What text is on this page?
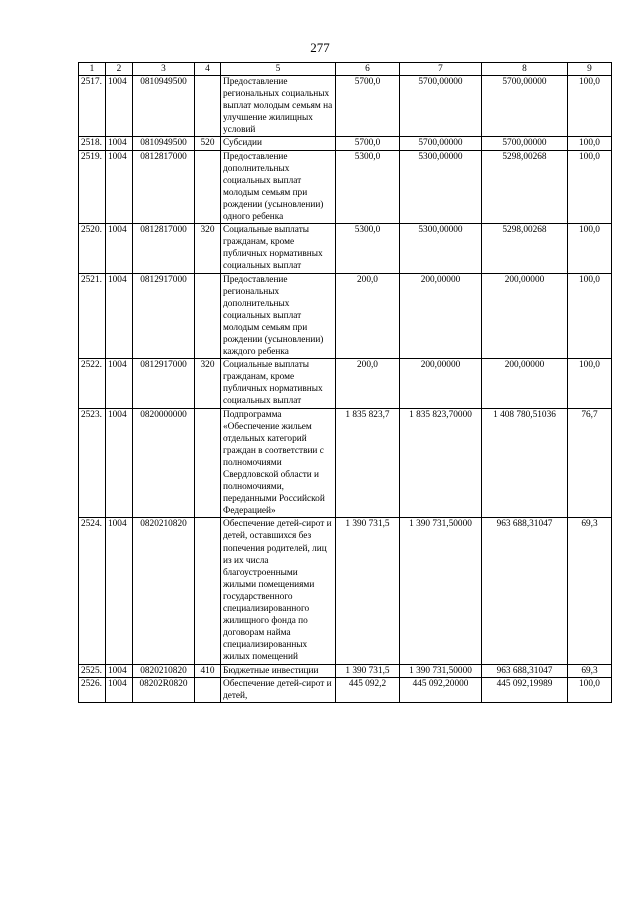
277
1	2	3	4	5	6	7	8	9
2517.	1004	0810949500		Предоставление региональных социальных выплат молодым семьям на улучшение жилищных условий	5700,0	5700,00000	5700,00000	100,0
2518.	1004	0810949500	520	Субсидии	5700,0	5700,00000	5700,00000	100,0
2519.	1004	0812817000		Предоставление дополнительных социальных выплат молодым семьям при рождении (усыновлении) одного ребенка	5300,0	5300,00000	5298,00268	100,0
2520.	1004	0812817000	320	Социальные выплаты гражданам, кроме публичных нормативных социальных выплат	5300,0	5300,00000	5298,00268	100,0
2521.	1004	0812917000		Предоставление региональных дополнительных социальных выплат молодым семьям при рождении (усыновлении) каждого ребенка	200,0	200,00000	200,00000	100,0
2522.	1004	0812917000	320	Социальные выплаты гражданам, кроме публичных нормативных социальных выплат	200,0	200,00000	200,00000	100,0
2523.	1004	0820000000		Подпрограмма «Обеспечение жильем отдельных категорий граждан в соответствии с полномочиями Свердловской области и полномочиями, переданными Российской Федерацией»	1 835 823,7	1 835 823,70000	1 408 780,51036	76,7
2524.	1004	0820210820		Обеспечение детей-сирот и детей, оставшихся без попечения родителей, лиц из их числа благоустроенными жилыми помещениями государственного специализированного жилищного фонда по договорам найма специализированных жилых помещений	1 390 731,5	1 390 731,50000	963 688,31047	69,3
2525.	1004	0820210820	410	Бюджетные инвестиции	1 390 731,5	1 390 731,50000	963 688,31047	69,3
2526.	1004	08202R0820		Обеспечение детей-сирот и детей,	445 092,2	445 092,20000	445 092,19989	100,0
